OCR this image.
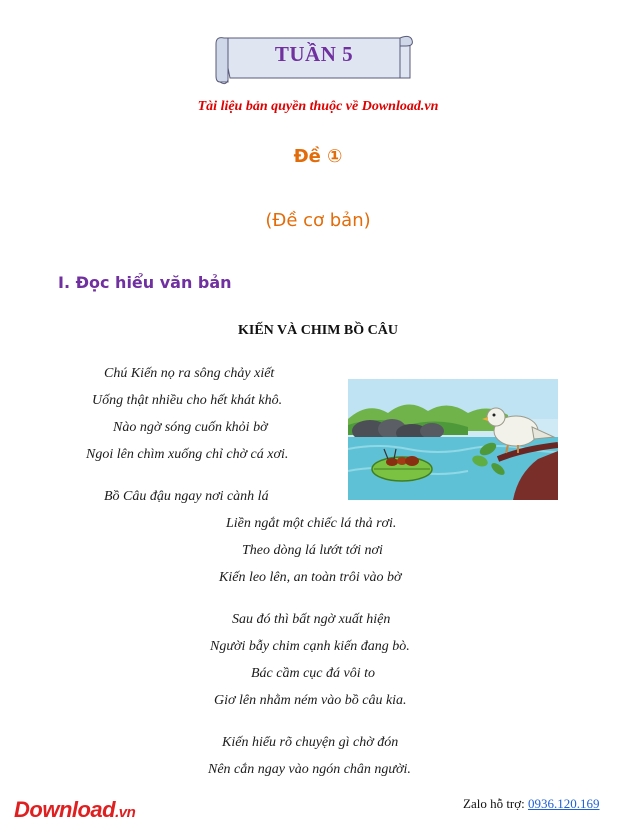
TUẦN 5
Tài liệu bản quyền thuộc về Download.vn
Đề ①
(Đề cơ bản)
I. Đọc hiểu văn bản
KIẾN VÀ CHIM BỒ CÂU
Chú Kiến nọ ra sông chảy xiết
Uống thật nhiều cho hết khát khô.
Nào ngờ sóng cuốn khỏi bờ
Ngoi lên chìm xuống chỉ chờ cá xơi.
Bồ Câu đậu ngay nơi cành lá
Liền ngắt một chiếc lá thả rơi.
Theo dòng lá lướt tới nơi
Kiến leo lên, an toàn trôi vào bờ
Sau đó thì bất ngờ xuất hiện
Người bẫy chim cạnh kiến đang bò.
Bác cầm cục đá vôi to
Giơ lên nhằm ném vào bồ câu kia.
Kiến hiểu rõ chuyện gì chờ đón
Nên cắn ngay vào ngón chân người.
Download.vn
Zalo hỗ trợ: 0936.120.169
